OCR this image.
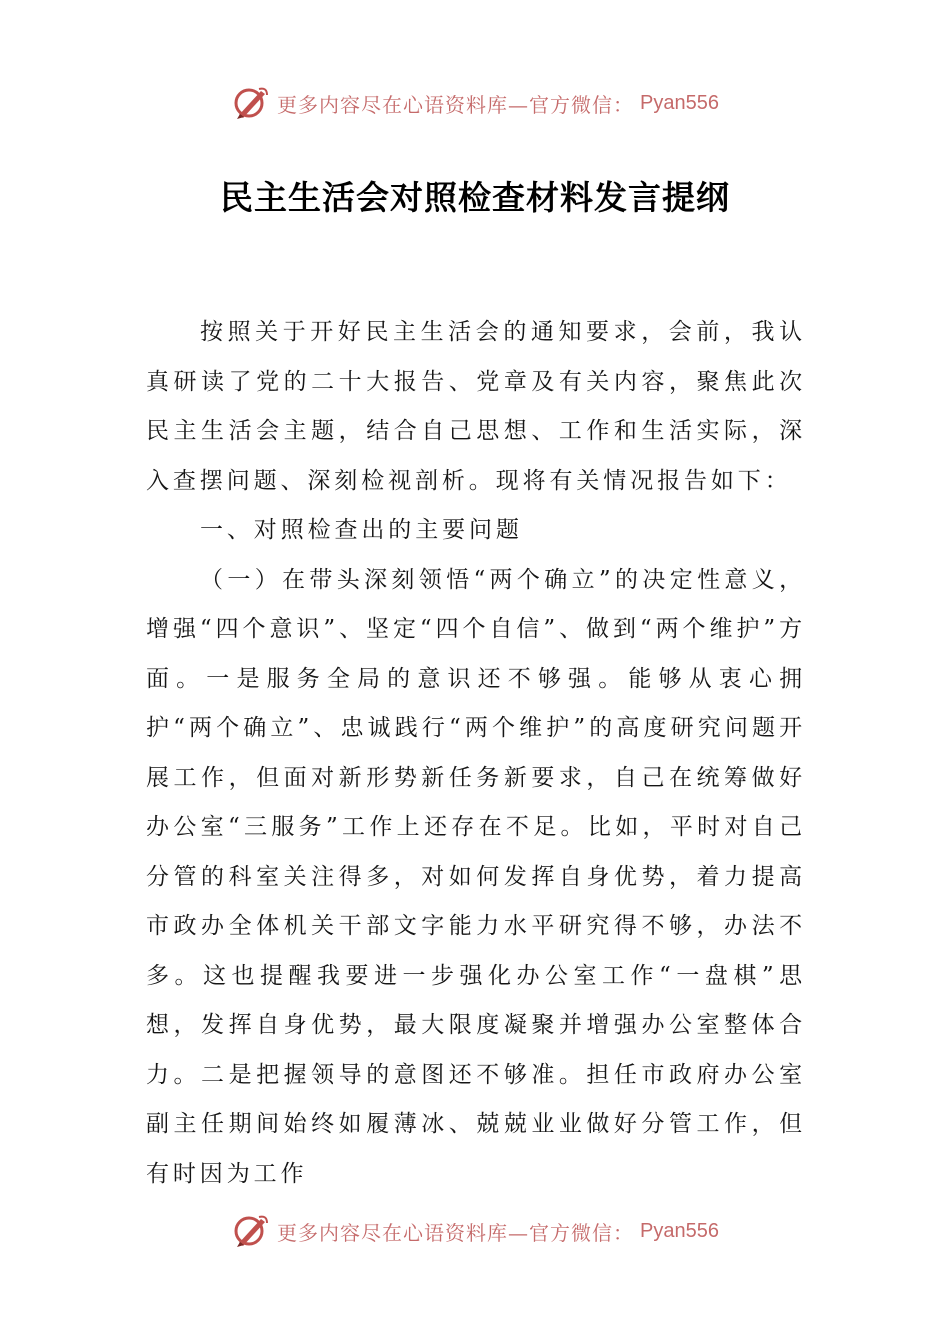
更多内容尽在心语资料库—官方微信： Pyan556
民主生活会对照检查材料发言提纲

按照关于开好民主生活会的通知要求，会前，我认真研读了党的二十大报告、党章及有关内容，聚焦此次民主生活会主题，结合自己思想、工作和生活实际，深入查摆问题、深刻检视剖析。现将有关情况报告如下：

一、对照检查出的主要问题

（一）在带头深刻领悟“两个确立”的决定性意义，增强“四个意识”、坚定“四个自信”、做到“两个维护”方面。一是服务全局的意识还不够强。能够从衷心拥护“两个确立”、忠诚践行“两个维护”的高度研究问题开展工作，但面对新形势新任务新要求，自己在统筹做好办公室“三服务”工作上还存在不足。比如，平时对自己分管的科室关注得多，对如何发挥自身优势，着力提高市政办全体机关干部文字能力水平研究得不够，办法不多。这也提醒我要进一步强化办公室工作“一盘棋”思想，发挥自身优势，最大限度凝聚并增强办公室整体合力。二是把握领导的意图还不够准。担任市政府办公室副主任期间始终如履薄冰、兢兢业业做好分管工作，但有时因为工作

更多内容尽在心语资料库—官方微信： Pyan556
